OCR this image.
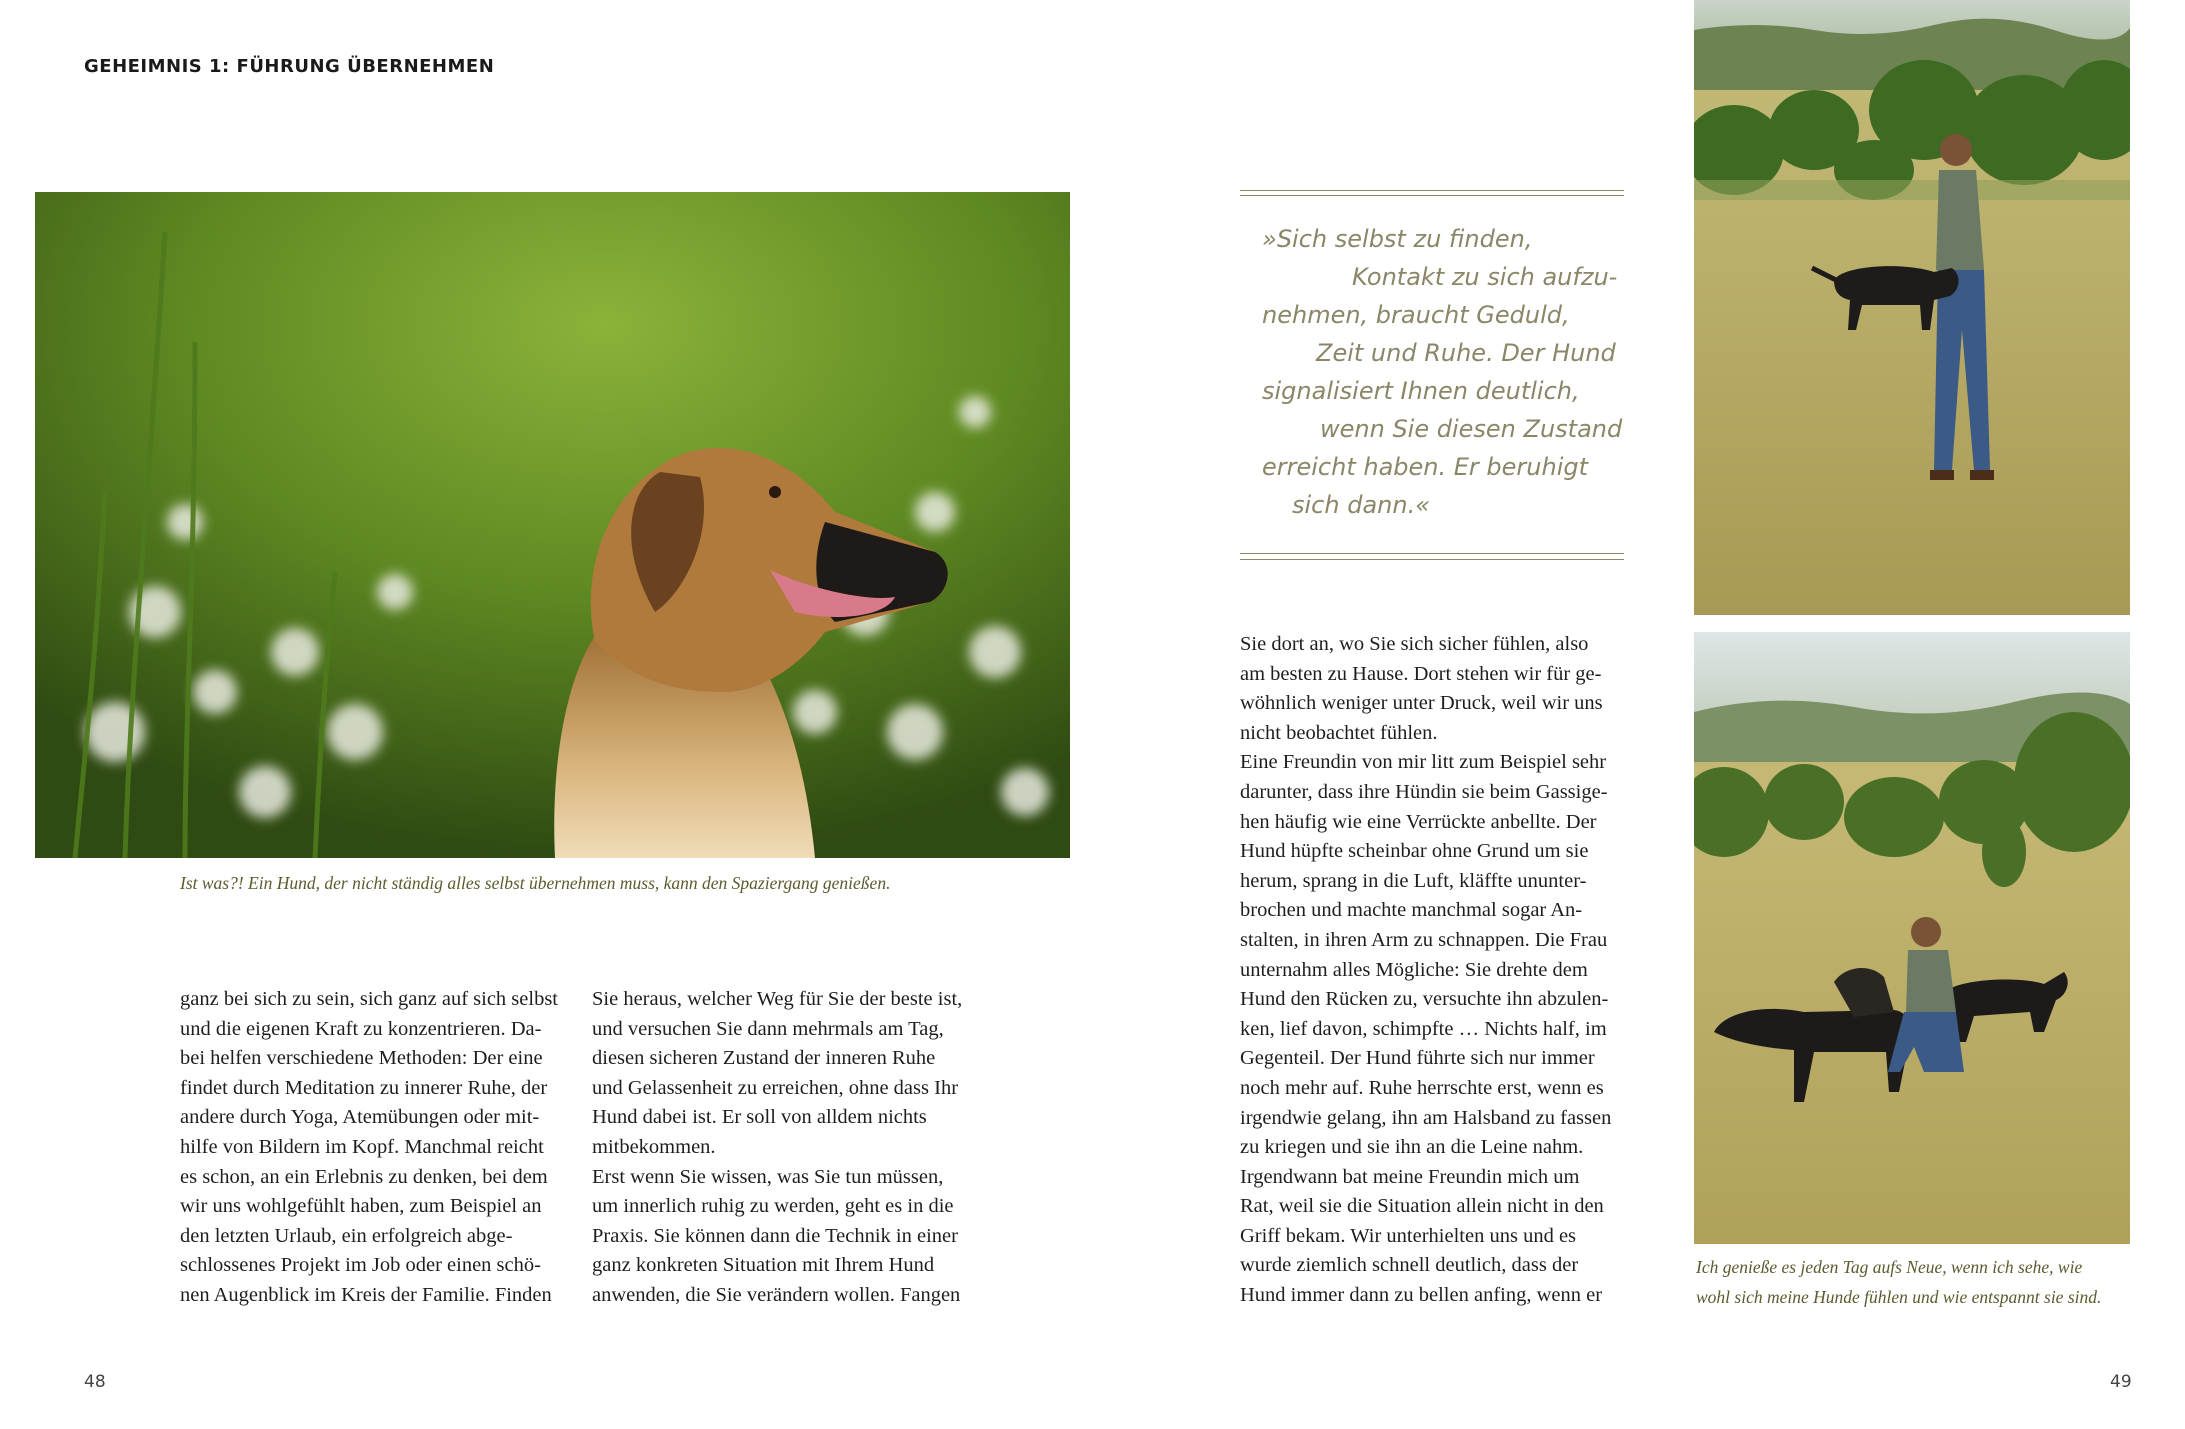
GEHEIMNIS 1: FÜHRUNG ÜBERNEHMEN
Ist was?! Ein Hund, der nicht ständig alles selbst übernehmen muss, kann den Spaziergang genießen.
ganz bei sich zu sein, sich ganz auf sich selbst
und die eigenen Kraft zu konzentrieren. Da-
bei helfen verschiedene Methoden: Der eine
findet durch Meditation zu innerer Ruhe, der
andere durch Yoga, Atemübungen oder mit-
hilfe von Bildern im Kopf. Manchmal reicht
es schon, an ein Erlebnis zu denken, bei dem
wir uns wohlgefühlt haben, zum Beispiel an
den letzten Urlaub, ein erfolgreich abge-
schlossenes Projekt im Job oder einen schö-
nen Augenblick im Kreis der Familie. Finden
Sie heraus, welcher Weg für Sie der beste ist,
und versuchen Sie dann mehrmals am Tag,
diesen sicheren Zustand der inneren Ruhe
und Gelassenheit zu erreichen, ohne dass Ihr
Hund dabei ist. Er soll von alldem nichts
mitbekommen.
Erst wenn Sie wissen, was Sie tun müssen,
um innerlich ruhig zu werden, geht es in die
Praxis. Sie können dann die Technik in einer
ganz konkreten Situation mit Ihrem Hund
anwenden, die Sie verändern wollen. Fangen
»Sich selbst zu finden,
Kontakt zu sich aufzu-
nehmen, braucht Geduld,
Zeit und Ruhe. Der Hund
signalisiert Ihnen deutlich,
wenn Sie diesen Zustand
erreicht haben. Er beruhigt
sich dann.«
Sie dort an, wo Sie sich sicher fühlen, also
am besten zu Hause. Dort stehen wir für ge-
wöhnlich weniger unter Druck, weil wir uns
nicht beobachtet fühlen.
Eine Freundin von mir litt zum Beispiel sehr
darunter, dass ihre Hündin sie beim Gassige-
hen häufig wie eine Verrückte anbellte. Der
Hund hüpfte scheinbar ohne Grund um sie
herum, sprang in die Luft, kläffte ununter-
brochen und machte manchmal sogar An-
stalten, in ihren Arm zu schnappen. Die Frau
unternahm alles Mögliche: Sie drehte dem
Hund den Rücken zu, versuchte ihn abzulen-
ken, lief davon, schimpfte … Nichts half, im
Gegenteil. Der Hund führte sich nur immer
noch mehr auf. Ruhe herrschte erst, wenn es
irgendwie gelang, ihn am Halsband zu fassen
zu kriegen und sie ihn an die Leine nahm.
Irgendwann bat meine Freundin mich um
Rat, weil sie die Situation allein nicht in den
Griff bekam. Wir unterhielten uns und es
wurde ziemlich schnell deutlich, dass der
Hund immer dann zu bellen anfing, wenn er
Ich genieße es jeden Tag aufs Neue, wenn ich sehe, wie
wohl sich meine Hunde fühlen und wie entspannt sie sind.
48	49
